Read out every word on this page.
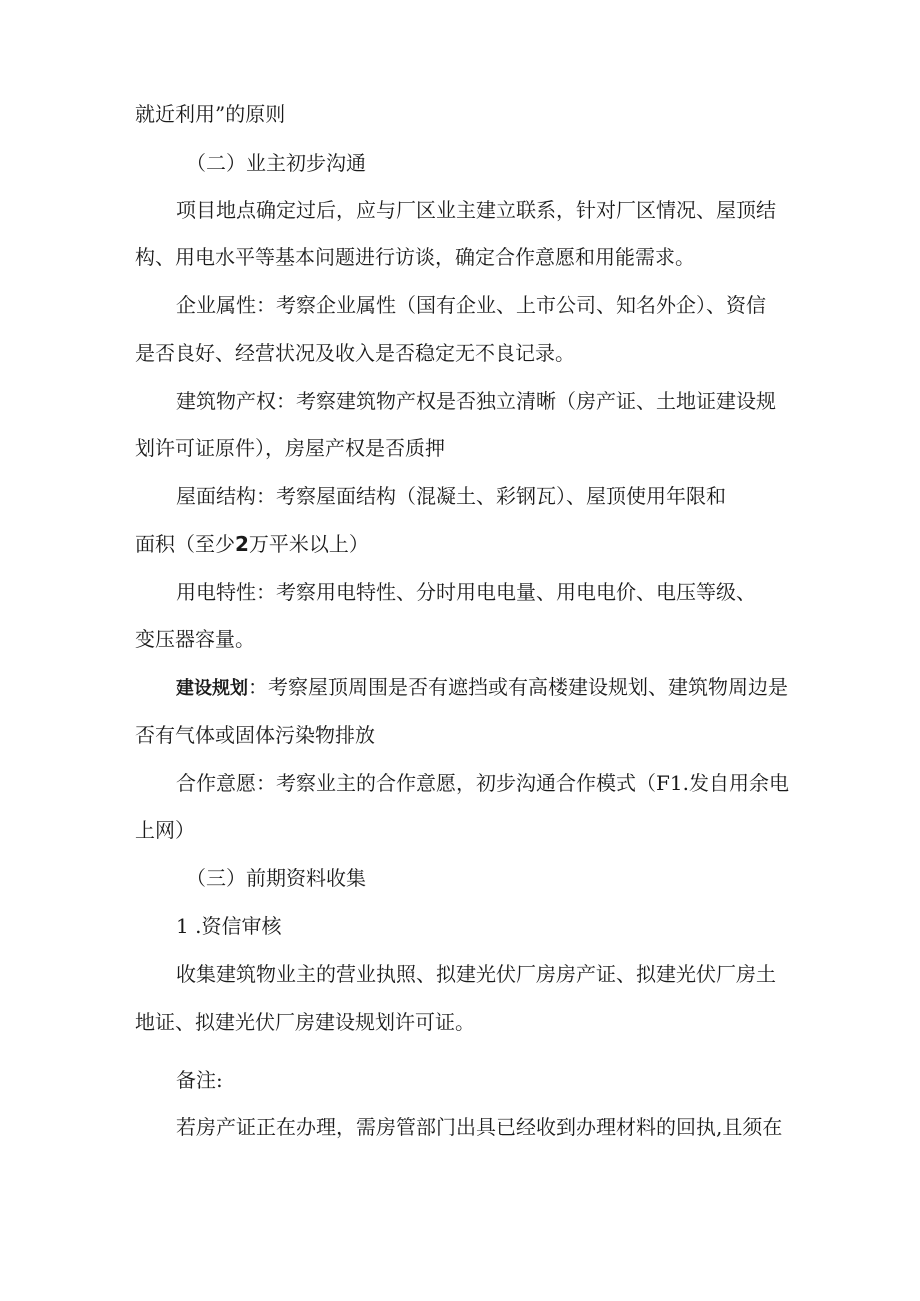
就近利用”的原则
（二）业主初步沟通
项目地点确定过后，应与厂区业主建立联系，针对厂区情况、屋顶结
构、用电水平等基本问题进行访谈，确定合作意愿和用能需求。
企业属性：考察企业属性（国有企业、上市公司、知名外企）、资信
是否良好、经营状况及收入是否稳定无不良记录。
建筑物产权：考察建筑物产权是否独立清晰（房产证、土地证建设规
划许可证原件），房屋产权是否质押
屋面结构：考察屋面结构（混凝土、彩钢瓦）、屋顶使用年限和
面积（至少2万平米以上）
用电特性：考察用电特性、分时用电电量、用电电价、电压等级、
变压器容量。
建设规划：考察屋顶周围是否有遮挡或有高楼建设规划、建筑物周边是
否有气体或固体污染物排放
合作意愿：考察业主的合作意愿，初步沟通合作模式（F1.发自用余电
上网）
（三）前期资料收集
1 .资信审核
收集建筑物业主的营业执照、拟建光伏厂房房产证、拟建光伏厂房土
地证、拟建光伏厂房建设规划许可证。
备注:
若房产证正在办理，需房管部门出具已经收到办理材料的回执,且须在
